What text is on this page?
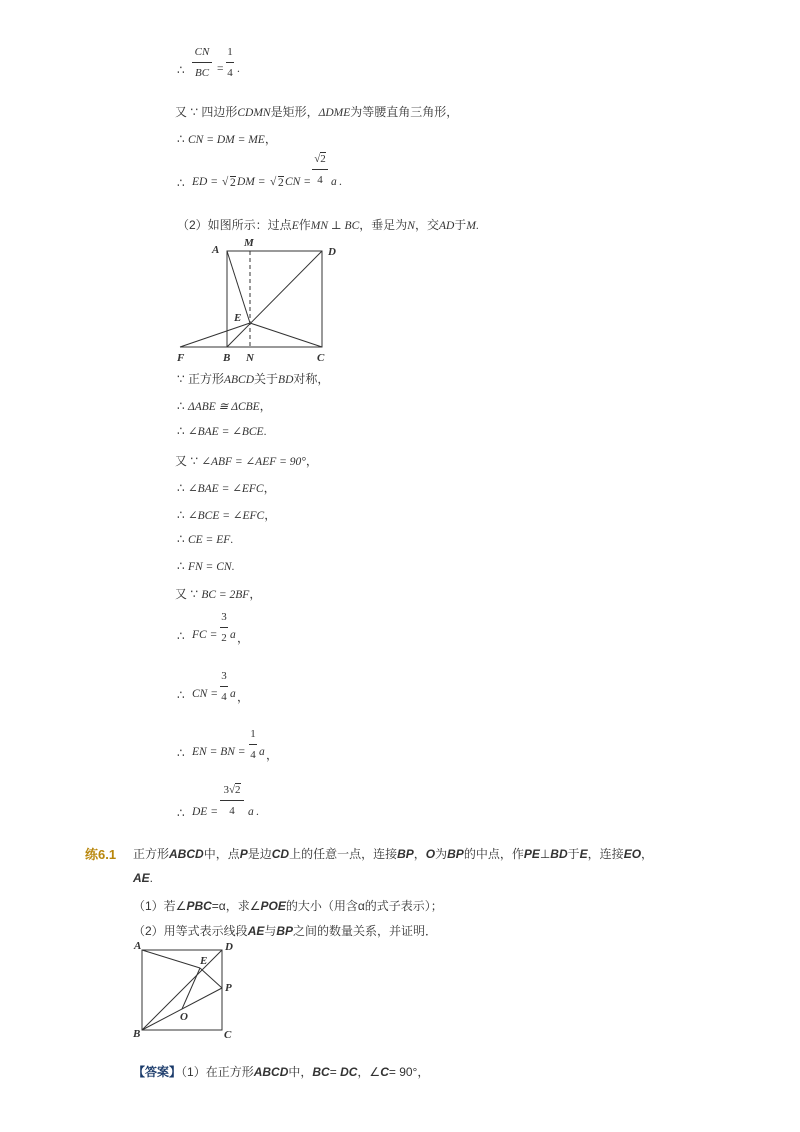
∴
CN
BC =
1
4 .
又 ∵ 四边形CDMN是矩形，ΔDME为等腰直角三角形，
∴ CN = DM = ME，
∴ ED = √ 2 DM = √ 2 CN =
√2
4 a .
（2）如图所示：过点E作MN ⊥ BC，垂足为N，交AD于M.
A
M
D
E
F	B N	C
∵ 正方形ABCD关于BD对称，
∴ ΔABE ≅ ΔCBE，
∴ ∠BAE = ∠BCE.
又 ∵ ∠ABF = ∠AEF = 90°，
∴ ∠BAE = ∠EFC，
∴ ∠BCE = ∠EFC，
∴ CE = EF.
∴ FN = CN.
又 ∵ BC = 2BF，
∴ FC =
3
2 a ，
∴ CN =
3
4 a ，
∴ EN = BN =
1
4 a ，
∴ DE =
3√2
4	a .
练6.1 正方形ABCD中，点P是边CD上的任意一点，连接BP，O为BP的中点，作PE⊥BD于E，连接EO，
AE.
（1）若∠PBC=α，求∠POE的大小（用含α的式子表示）；
（2）用等式表示线段AE与BP之间的数量关系，并证明．
A	D
E
P
O
B	C
【答案】（1）在正方形ABCD中，BC= DC，∠C= 90°，
